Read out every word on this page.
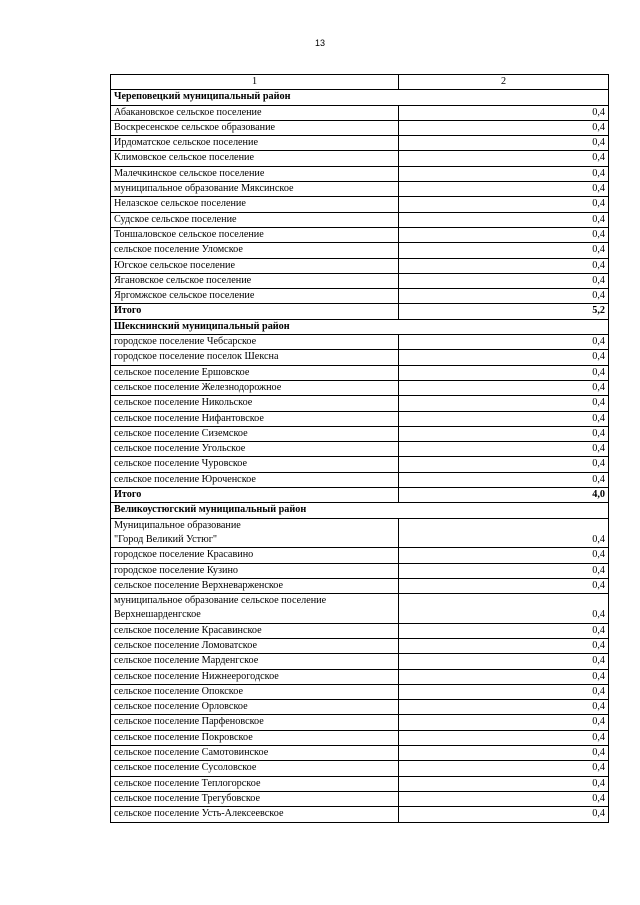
13
1	2
Череповецкий муниципальный район	
Абакановское сельское поселение	0,4
Воскресенское сельское образование	0,4
Ирдоматское сельское поселение	0,4
Климовское сельское поселение	0,4
Малечкинское сельское поселение	0,4
муниципальное образование Мяксинское	0,4
Нелазское сельское поселение	0,4
Судское сельское поселение	0,4
Тоншаловское сельское поселение	0,4
сельское поселение Уломское	0,4
Югское сельское поселение	0,4
Ягановское сельское поселение	0,4
Яргомжское сельское поселение	0,4
Итого	5,2
Шекснинский муниципальный район	
городское поселение Чебсарское	0,4
городское поселение поселок Шексна	0,4
сельское поселение Ершовское	0,4
сельское поселение Железнодорожное	0,4
сельское поселение Никольское	0,4
сельское поселение Нифантовское	0,4
сельское поселение Сиземское	0,4
сельское поселение Угольское	0,4
сельское поселение Чуровское	0,4
сельское поселение Юроченское	0,4
Итого	4,0
Великоустюгский муниципальный район	

Муниципальное образование
"Город Великий Устюг"	0,4
городское поселение Красавино	0,4
городское поселение Кузино	0,4
сельское поселение Верхневарженское	0,4

муниципальное образование сельское поселение
Верхнешарденгское	0,4
сельское поселение Красавинское	0,4
сельское поселение Ломоватское	0,4
сельское поселение Марденгское	0,4
сельское поселение Нижнеерогодское	0,4
сельское поселение Опокское	0,4
сельское поселение Орловское	0,4
сельское поселение Парфеновское	0,4
сельское поселение Покровское	0,4
сельское поселение Самотовинское	0,4
сельское поселение Сусоловское	0,4
сельское поселение Теплогорское	0,4
сельское поселение Трегубовское	0,4
сельское поселение Усть-Алексеевское	0,4
